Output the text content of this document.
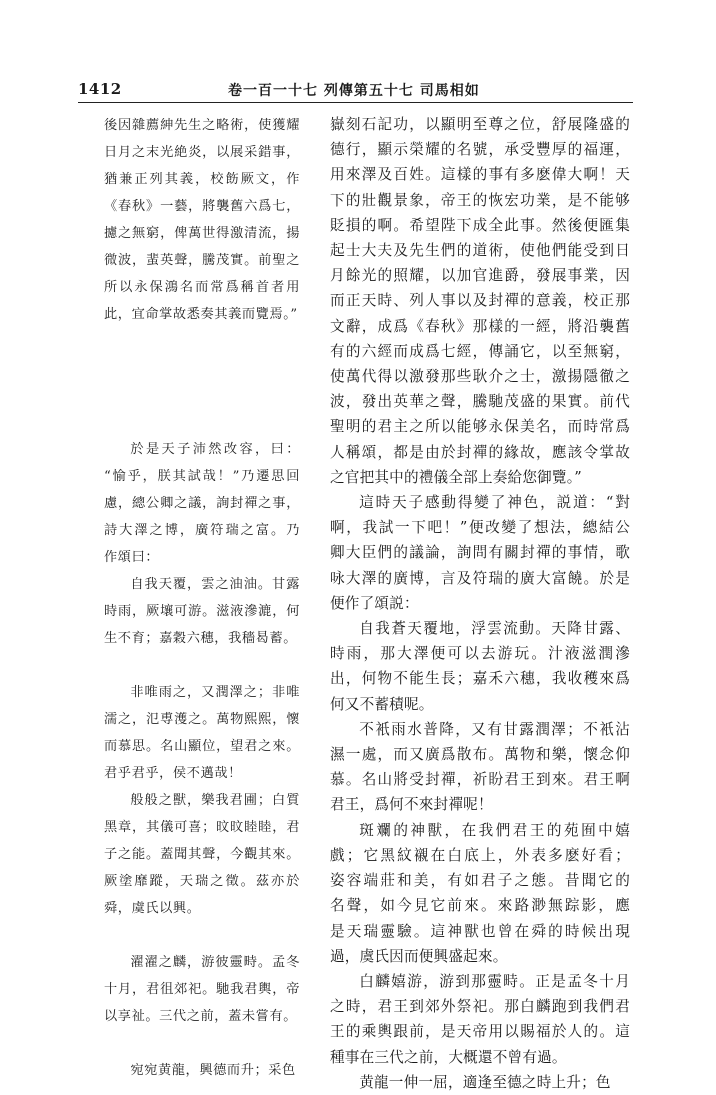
1412	卷一百一十七 列傳第五十七 司馬相如
後因雜薦紳先生之略術，使獲耀
日月之末光絶炎，以展采錯事，
猶兼正列其義，校飭厥文，作
《春秋》一藝，將襲舊六爲七，
攄之無窮，俾萬世得激清流，揚
微波，蜚英聲，騰茂實。前聖之
所以永保鴻名而常爲稱首者用
此，宜命掌故悉奏其義而覽焉。”
於是天子沛然改容，曰：
“愉乎，朕其試哉！”乃遷思回
慮，總公卿之議，詢封禪之事，
詩大澤之博，廣符瑞之富。乃
作頌曰：
自我天覆，雲之油油。甘露
時雨，厥壤可游。滋液滲漉，何
生不育；嘉穀六穗，我穡曷蓄。
非唯雨之，又潤澤之；非唯
濡之，氾尃濩之。萬物熙熙，懷
而慕思。名山顯位，望君之來。
君乎君乎，侯不邁哉！
般般之獸，樂我君圃；白質
黑章，其儀可喜；旼旼睦睦，君
子之能。蓋聞其聲，今觀其來。
厥塗靡蹤，天瑞之徵。茲亦於
舜，虞氏以興。
濯濯之麟，游彼靈畤。孟冬
十月，君徂郊祀。馳我君輿，帝
以享祉。三代之前，蓋未嘗有。
宛宛黄龍，興德而升；采色
嶽刻石記功，以顯明至尊之位，舒展隆盛的
德行，顯示榮耀的名號，承受豐厚的福運，
用來澤及百姓。這樣的事有多麽偉大啊！天
下的壯觀景象，帝王的恢宏功業，是不能够
貶損的啊。希望陛下成全此事。然後便匯集
起士大夫及先生們的道術，使他們能受到日
月餘光的照耀，以加官進爵，發展事業，因
而正天時、列人事以及封禪的意義，校正那
文辭，成爲《春秋》那樣的一經，將沿襲舊
有的六經而成爲七經，傳誦它，以至無窮，
使萬代得以激發那些耿介之士，激揚隱徹之
波，發出英華之聲，騰馳茂盛的果實。前代
聖明的君主之所以能够永保美名，而時常爲
人稱頌，都是由於封禪的緣故，應該令掌故
之官把其中的禮儀全部上奏給您御覽。”
這時天子感動得變了神色，説道：“對
啊，我試一下吧！”便改變了想法，總結公
卿大臣們的議論，詢問有關封禪的事情，歌
咏大澤的廣博，言及符瑞的廣大富饒。於是
便作了頌説：
自我蒼天覆地，浮雲流動。天降甘露、
時雨，那大澤便可以去游玩。汁液滋潤滲
出，何物不能生長；嘉禾六穗，我收穫來爲
何又不蓄積呢。
不衹雨水普降，又有甘露潤澤；不衹沾
濕一處，而又廣爲散布。萬物和樂，懷念仰
慕。名山將受封禪，祈盼君王到來。君王啊
君王，爲何不來封禪呢！
斑斕的神獸，在我們君王的苑囿中嬉
戲；它黑紋襯在白底上，外表多麽好看；
姿容端莊和美，有如君子之態。昔聞它的
名聲，如今見它前來。來路渺無踪影，應
是天瑞靈驗。這神獸也曾在舜的時候出現
過，虞氏因而便興盛起來。
白麟嬉游，游到那靈畤。正是孟冬十月
之時，君王到郊外祭祀。那白麟跑到我們君
王的乘輿跟前，是天帝用以賜福於人的。這
種事在三代之前，大概還不曾有過。
黄龍一伸一屈，適逢至德之時上升；色
